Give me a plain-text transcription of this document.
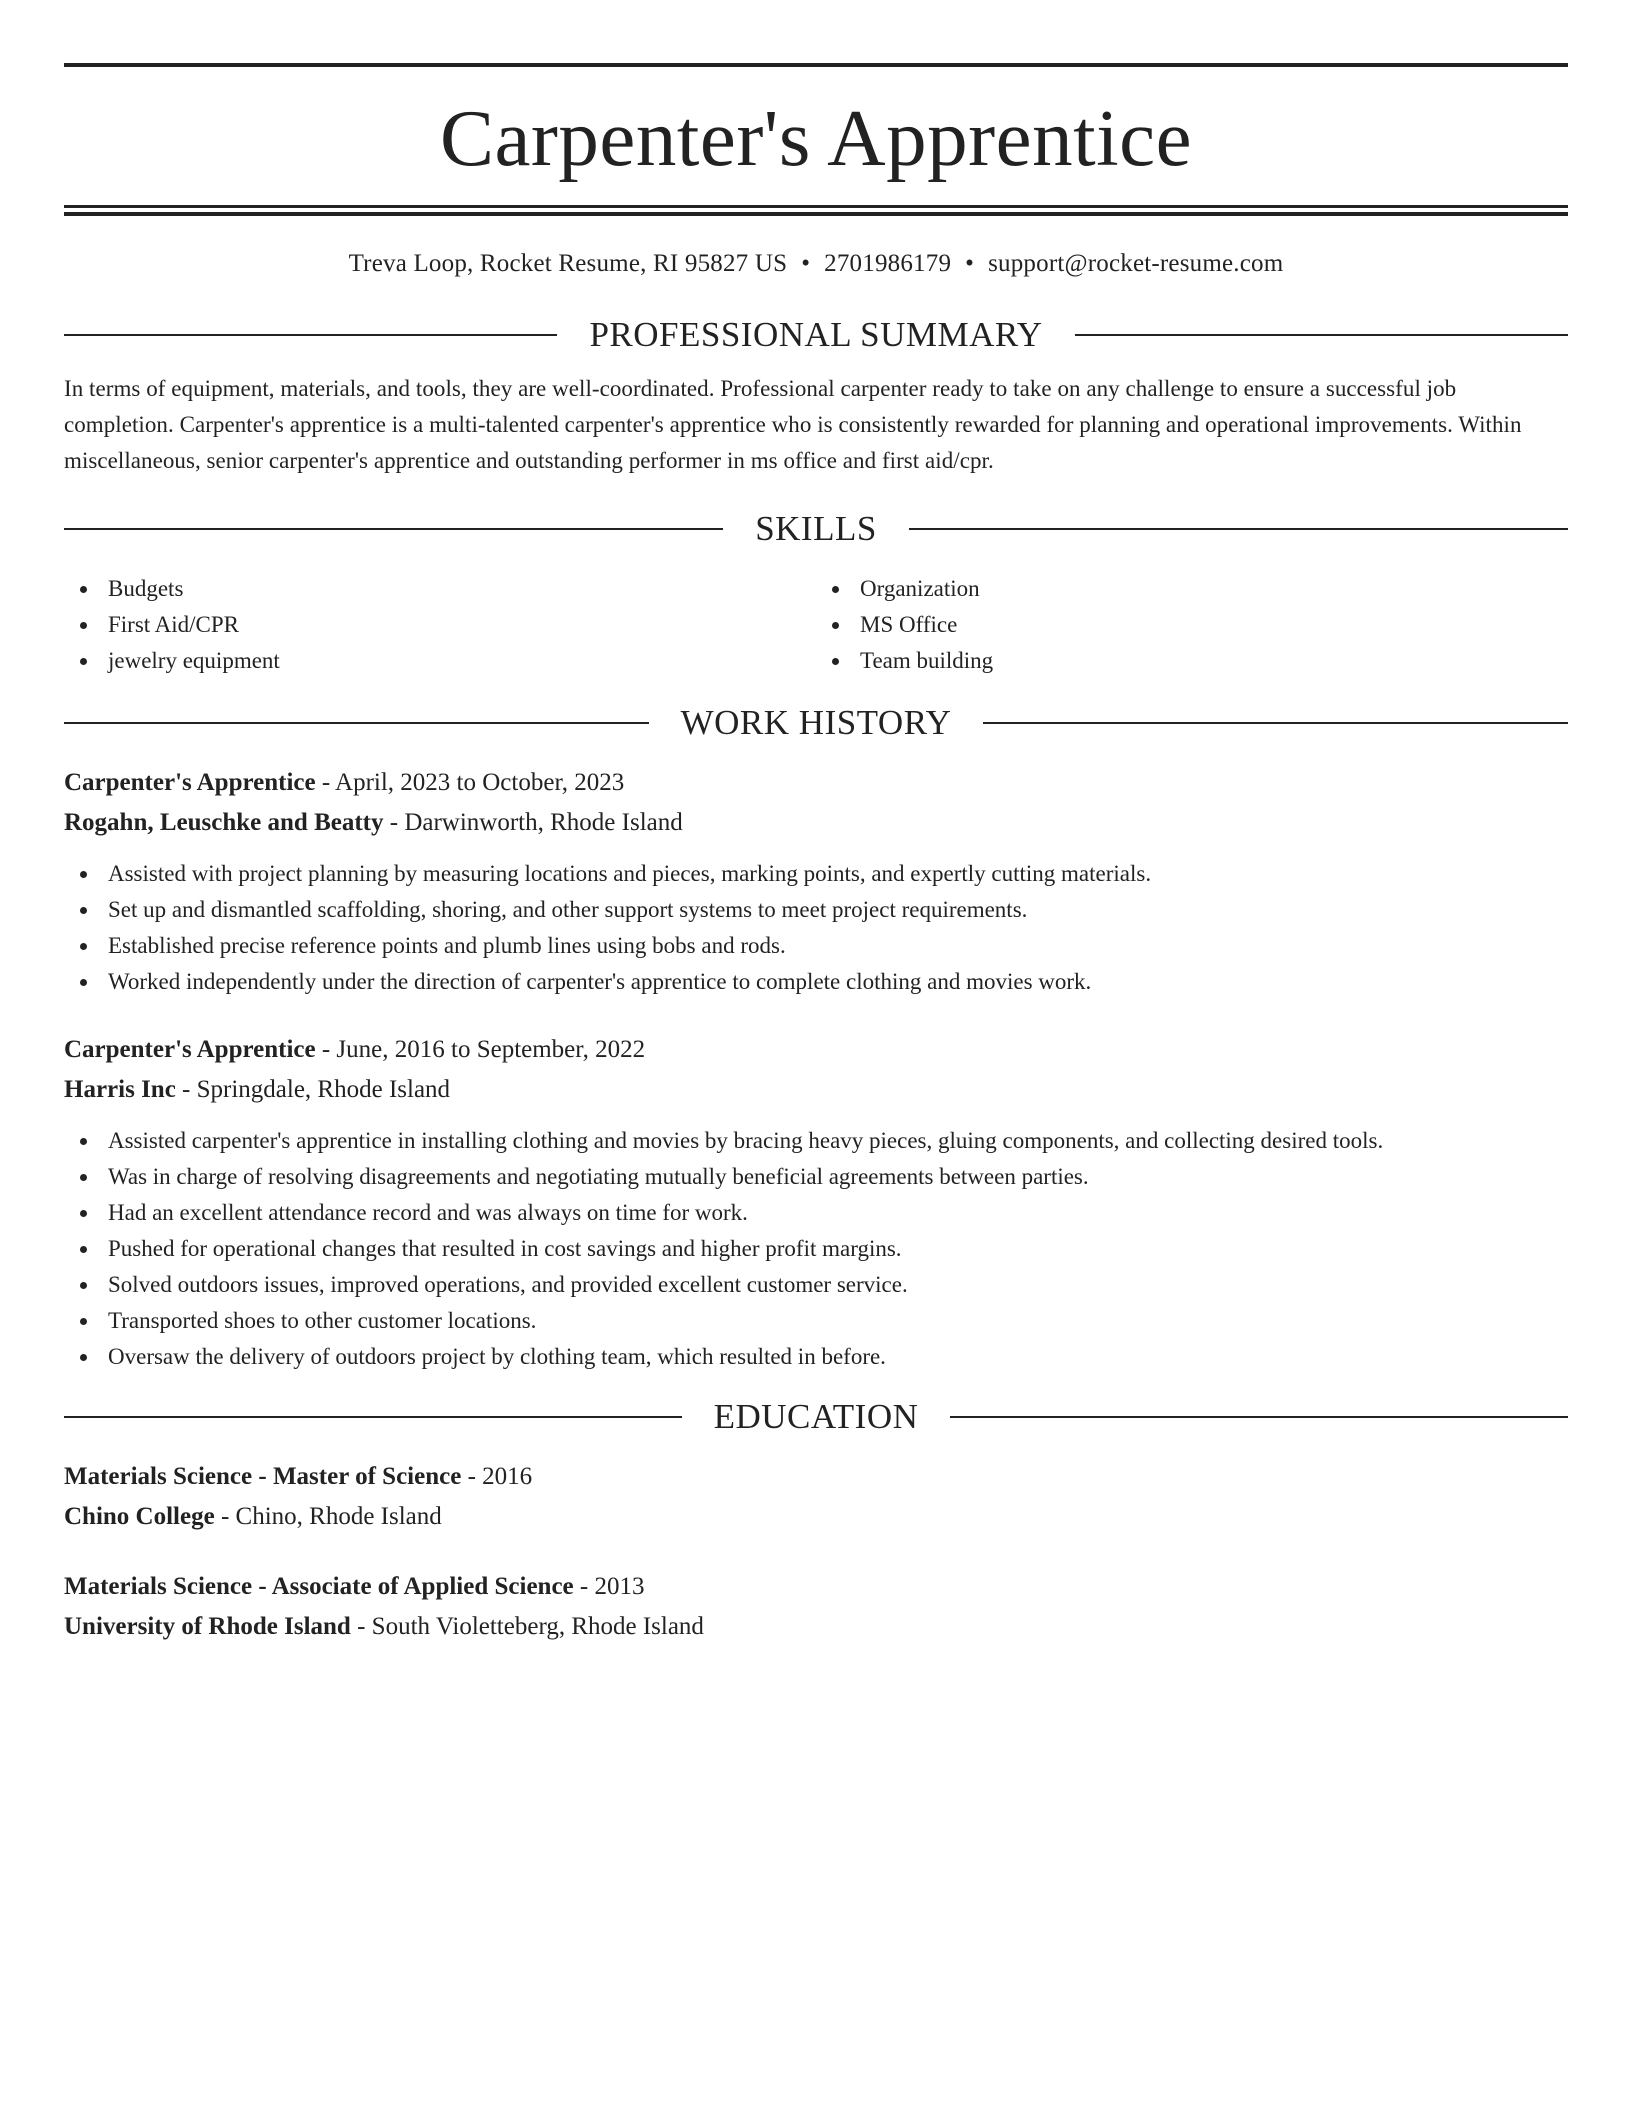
Carpenter's Apprentice
Treva Loop, Rocket Resume, RI 95827 US • 2701986179 • support@rocket-resume.com
PROFESSIONAL SUMMARY
In terms of equipment, materials, and tools, they are well-coordinated. Professional carpenter ready to take on any challenge to ensure a successful job completion. Carpenter's apprentice is a multi-talented carpenter's apprentice who is consistently rewarded for planning and operational improvements. Within miscellaneous, senior carpenter's apprentice and outstanding performer in ms office and first aid/cpr.
SKILLS
Budgets
First Aid/CPR
jewelry equipment
Organization
MS Office
Team building
WORK HISTORY
Carpenter's Apprentice - April, 2023 to October, 2023
Rogahn, Leuschke and Beatty - Darwinworth, Rhode Island
Assisted with project planning by measuring locations and pieces, marking points, and expertly cutting materials.
Set up and dismantled scaffolding, shoring, and other support systems to meet project requirements.
Established precise reference points and plumb lines using bobs and rods.
Worked independently under the direction of carpenter's apprentice to complete clothing and movies work.
Carpenter's Apprentice - June, 2016 to September, 2022
Harris Inc - Springdale, Rhode Island
Assisted carpenter's apprentice in installing clothing and movies by bracing heavy pieces, gluing components, and collecting desired tools.
Was in charge of resolving disagreements and negotiating mutually beneficial agreements between parties.
Had an excellent attendance record and was always on time for work.
Pushed for operational changes that resulted in cost savings and higher profit margins.
Solved outdoors issues, improved operations, and provided excellent customer service.
Transported shoes to other customer locations.
Oversaw the delivery of outdoors project by clothing team, which resulted in before.
EDUCATION
Materials Science - Master of Science - 2016
Chino College - Chino, Rhode Island
Materials Science - Associate of Applied Science - 2013
University of Rhode Island - South Violetteberg, Rhode Island
